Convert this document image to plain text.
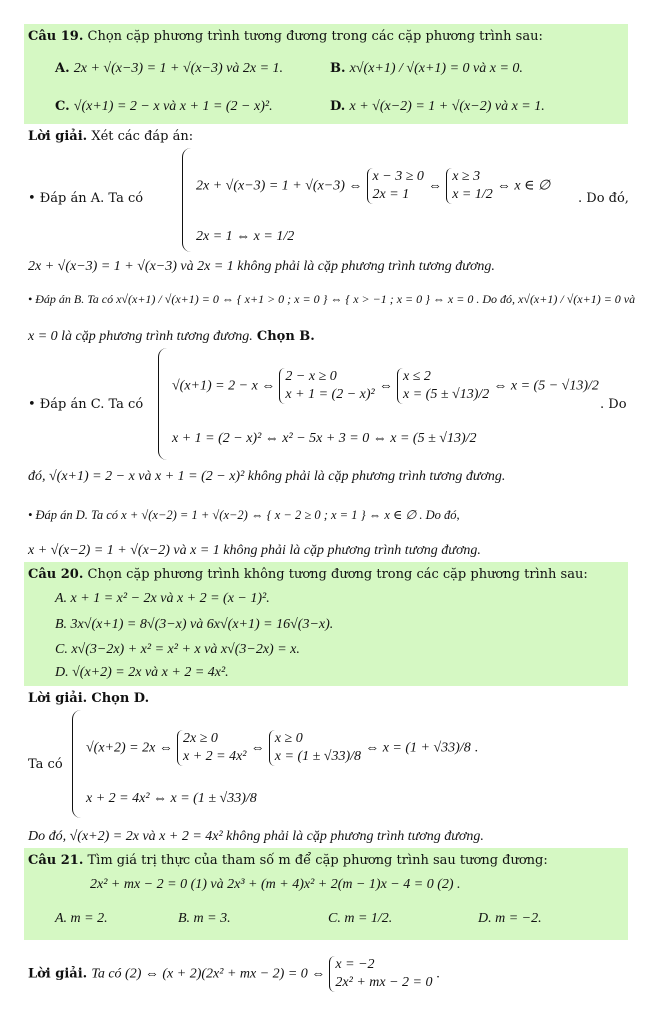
Câu 19. Chọn cặp phương trình tương đương trong các cặp phương trình sau:
A. 2x + √(x−3) = 1 + √(x−3) và 2x = 1.	B. x√(x+1) / √(x+1) = 0 và x = 0.
C. √(x+1) = 2 − x và x + 1 = (2 − x)².	D. x + √(x−2) = 1 + √(x−2) và x = 1.
Lời giải. Xét các đáp án:
• Đáp án A. Ta có
2x + √(x−3) = 1 + √(x−3) ⇔ x − 3 ≥ 0
2x = 1 ⇔ x ≥ 3
x = 1/2 ⇔ x ∈ ∅
. Do đó,
2x = 1 ⇔ x = 1/2
2x + √(x−3) = 1 + √(x−3) và 2x = 1 không phải là cặp phương trình tương đương.
• Đáp án B. Ta có x√(x+1) / √(x+1) = 0 ⇔ { x+1 > 0 ; x = 0 } ⇔ { x > −1 ; x = 0 } ⇔ x = 0 . Do đó, x√(x+1) / √(x+1) = 0 và
x = 0 là cặp phương trình tương đương. Chọn B.
• Đáp án C. Ta có
√(x+1) = 2 − x ⇔ 2 − x ≥ 0
x + 1 = (2 − x)² ⇔ x ≤ 2
x = (5 ± √13)/2 ⇔ x = (5 − √13)/2
. Do
x + 1 = (2 − x)² ⇔ x² − 5x + 3 = 0 ⇔ x = (5 ± √13)/2
đó, √(x+1) = 2 − x và x + 1 = (2 − x)² không phải là cặp phương trình tương đương.
• Đáp án D. Ta có x + √(x−2) = 1 + √(x−2) ⇔ { x − 2 ≥ 0 ; x = 1 } ⇔ x ∈ ∅ . Do đó,
x + √(x−2) = 1 + √(x−2) và x = 1 không phải là cặp phương trình tương đương.
Câu 20. Chọn cặp phương trình không tương đương trong các cặp phương trình sau:
A. x + 1 = x² − 2x và x + 2 = (x − 1)².
B. 3x√(x+1) = 8√(3−x) và 6x√(x+1) = 16√(3−x).
C. x√(3−2x) + x² = x² + x và x√(3−2x) = x.
D. √(x+2) = 2x và x + 2 = 4x².
Lời giải. Chọn D.
Ta có
√(x+2) = 2x ⇔ 2x ≥ 0
x + 2 = 4x² ⇔ x ≥ 0
x = (1 ± √33)/8 ⇔ x = (1 + √33)/8 .
x + 2 = 4x² ⇔ x = (1 ± √33)/8
Do đó, √(x+2) = 2x và x + 2 = 4x² không phải là cặp phương trình tương đương.
Câu 21. Tìm giá trị thực của tham số m để cặp phương trình sau tương đương:
2x² + mx − 2 = 0 (1) và 2x³ + (m + 4)x² + 2(m − 1)x − 4 = 0 (2) .
A. m = 2.	B. m = 3.	C. m = 1/2.	D. m = −2.
Lời giải. Ta có (2) ⇔ (x + 2)(2x² + mx − 2) = 0 ⇔ x = −2
2x² + mx − 2 = 0 .
